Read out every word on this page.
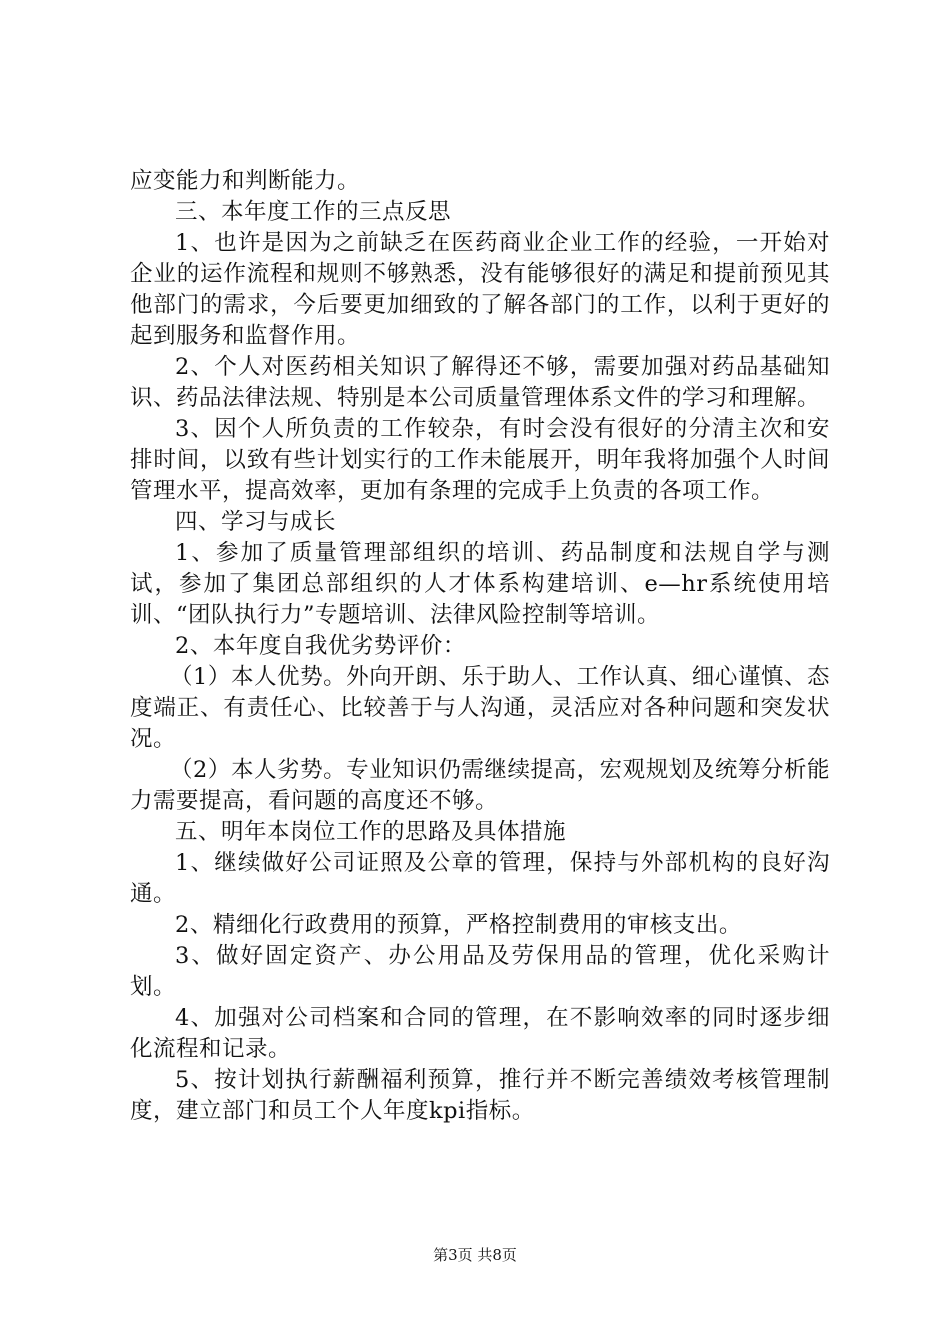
应变能力和判断能力。

三、本年度工作的三点反思

1、也许是因为之前缺乏在医药商业企业工作的经验，一开始对企业的运作流程和规则不够熟悉，没有能够很好的满足和提前预见其他部门的需求，今后要更加细致的了解各部门的工作，以利于更好的起到服务和监督作用。

2、个人对医药相关知识了解得还不够，需要加强对药品基础知识、药品法律法规、特别是本公司质量管理体系文件的学习和理解。

3、因个人所负责的工作较杂，有时会没有很好的分清主次和安排时间，以致有些计划实行的工作未能展开，明年我将加强个人时间管理水平，提高效率，更加有条理的完成手上负责的各项工作。

四、学习与成长

1、参加了质量管理部组织的培训、药品制度和法规自学与测试，参加了集团总部组织的人才体系构建培训、e—hr系统使用培训、“团队执行力”专题培训、法律风险控制等培训。

2、本年度自我优劣势评价：

（1）本人优势。外向开朗、乐于助人、工作认真、细心谨慎、态度端正、有责任心、比较善于与人沟通，灵活应对各种问题和突发状况。

（2）本人劣势。专业知识仍需继续提高，宏观规划及统筹分析能力需要提高，看问题的高度还不够。

五、明年本岗位工作的思路及具体措施

1、继续做好公司证照及公章的管理，保持与外部机构的良好沟通。

2、精细化行政费用的预算，严格控制费用的审核支出。

3、做好固定资产、办公用品及劳保用品的管理，优化采购计划。

4、加强对公司档案和合同的管理，在不影响效率的同时逐步细化流程和记录。

5、按计划执行薪酬福利预算，推行并不断完善绩效考核管理制度，建立部门和员工个人年度kpi指标。

第3页 共8页
